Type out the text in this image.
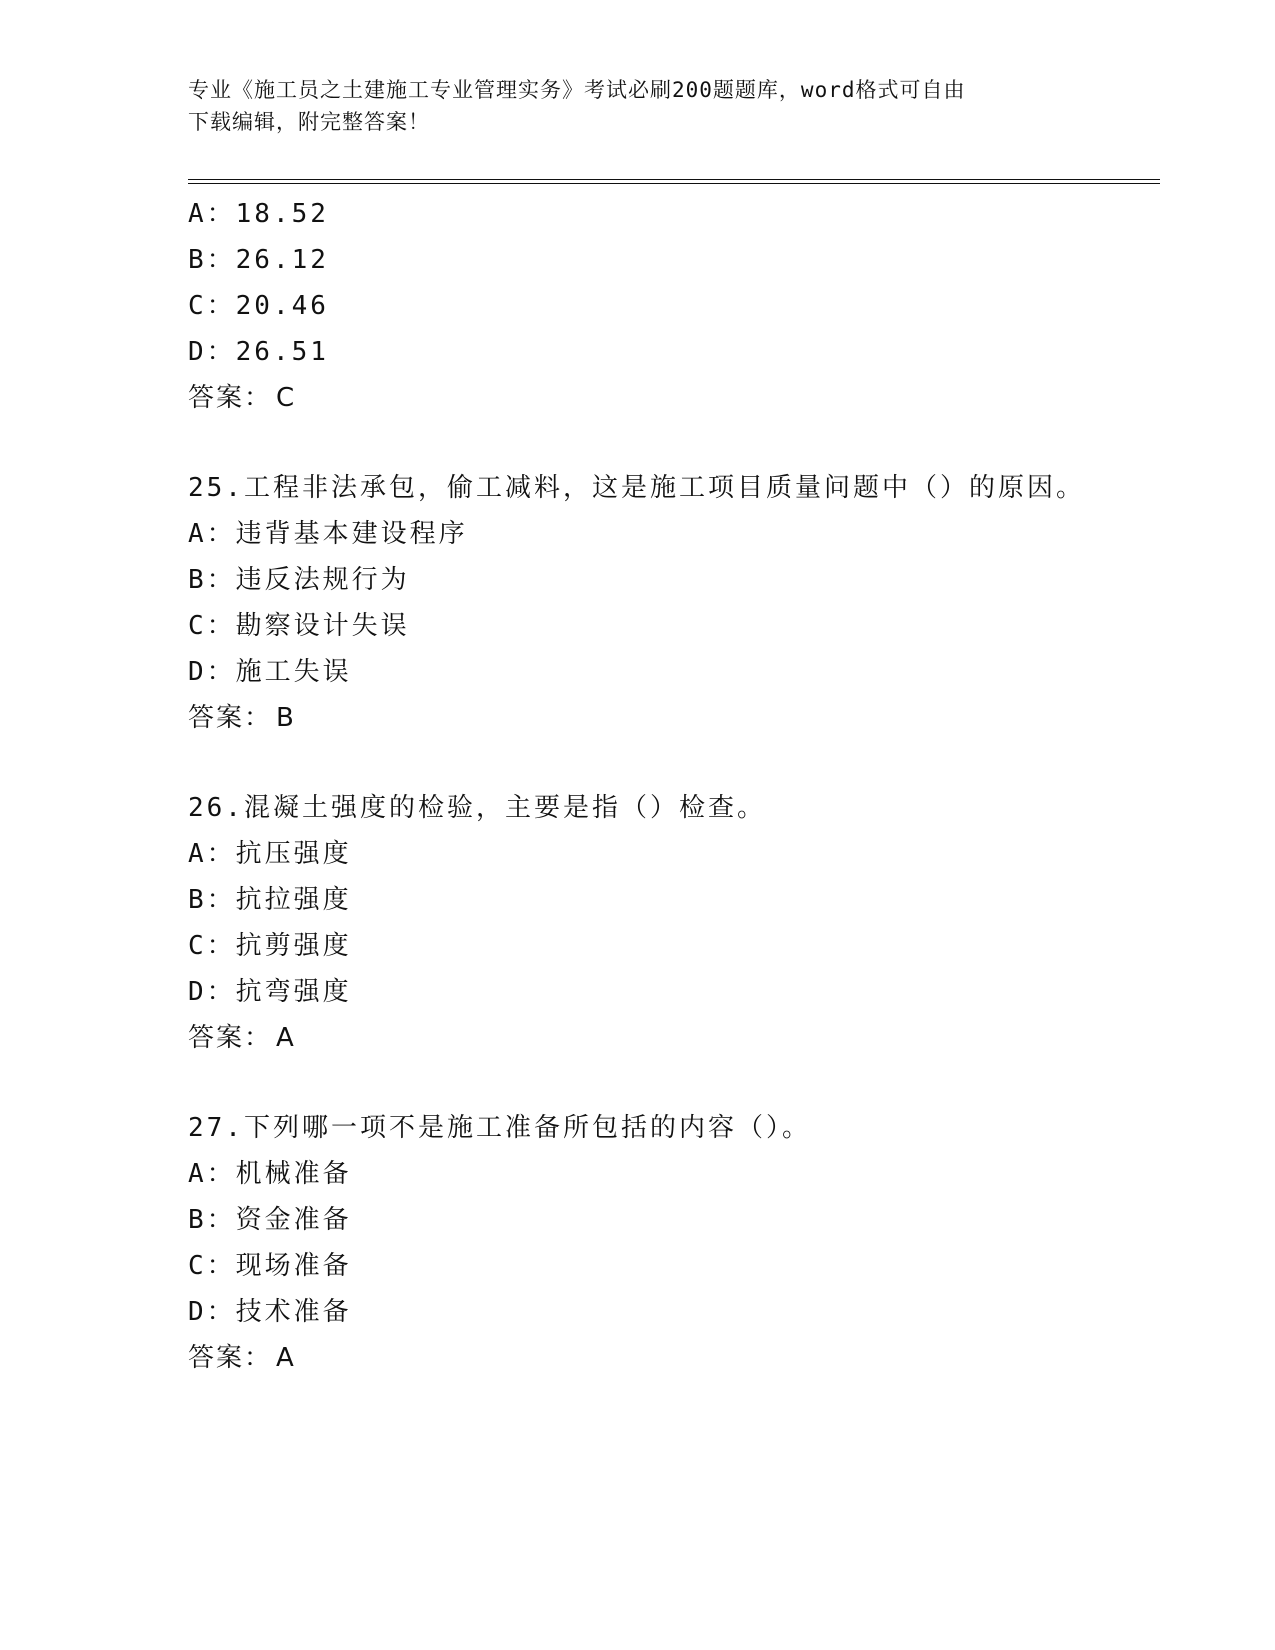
专业《施工员之土建施工专业管理实务》考试必刷200题题库，word格式可自由
下载编辑，附完整答案！
A：18.52
B：26.12
C：20.46
D：26.51
答案： C
25.工程非法承包，偷工减料，这是施工项目质量问题中（）的原因。
A：违背基本建设程序
B：违反法规行为
C：勘察设计失误
D：施工失误
答案： B
26.混凝土强度的检验，主要是指（）检查。
A：抗压强度
B：抗拉强度
C：抗剪强度
D：抗弯强度
答案： A
27.下列哪一项不是施工准备所包括的内容（）。
A：机械准备
B：资金准备
C：现场准备
D：技术准备
答案： A
